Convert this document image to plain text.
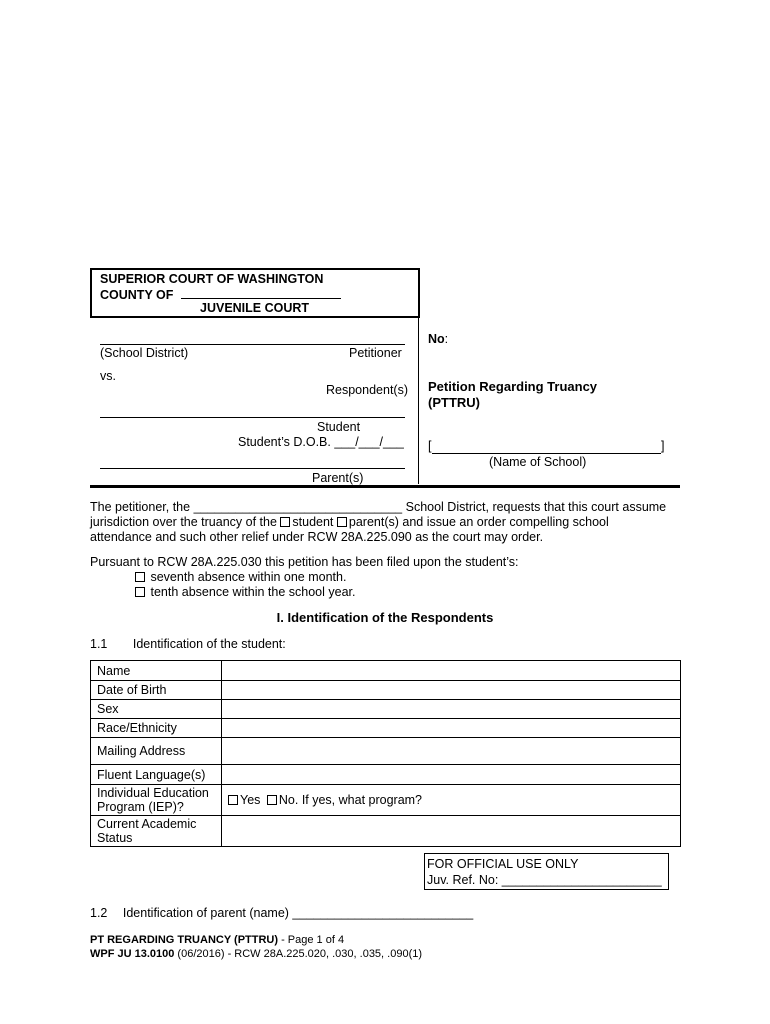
SUPERIOR COURT OF WASHINGTON
COUNTY OF
JUVENILE COURT
(School District)	Petitioner
vs.
Respondent(s)
Student
Student’s D.O.B. ___/___/___
Parent(s)
No:
Petition Regarding Truancy
(PTTRU)
[	]
(Name of School)
The petitioner, the ______________________________ School District, requests that this court assume
jurisdiction over the truancy of the student parent(s) and issue an order compelling school
attendance and such other relief under RCW 28A.225.090 as the court may order.
Pursuant to RCW 28A.225.030 this petition has been filed upon the student’s:
seventh absence within one month.
tenth absence within the school year.
I. Identification of the Respondents
1.1 Identification of the student:
Name	
Date of Birth	
Sex	
Race/Ethnicity	
Mailing Address	
Fluent Language(s)	
Individual Education Program (IEP)?	Yes No. If yes, what program?
Current Academic Status	
FOR OFFICIAL USE ONLY
Juv. Ref. No: _______________________
1.2 Identification of parent (name) __________________________
PT REGARDING TRUANCY (PTTRU) - Page 1 of 4
WPF JU 13.0100 (06/2016) - RCW 28A.225.020, .030, .035, .090(1)
